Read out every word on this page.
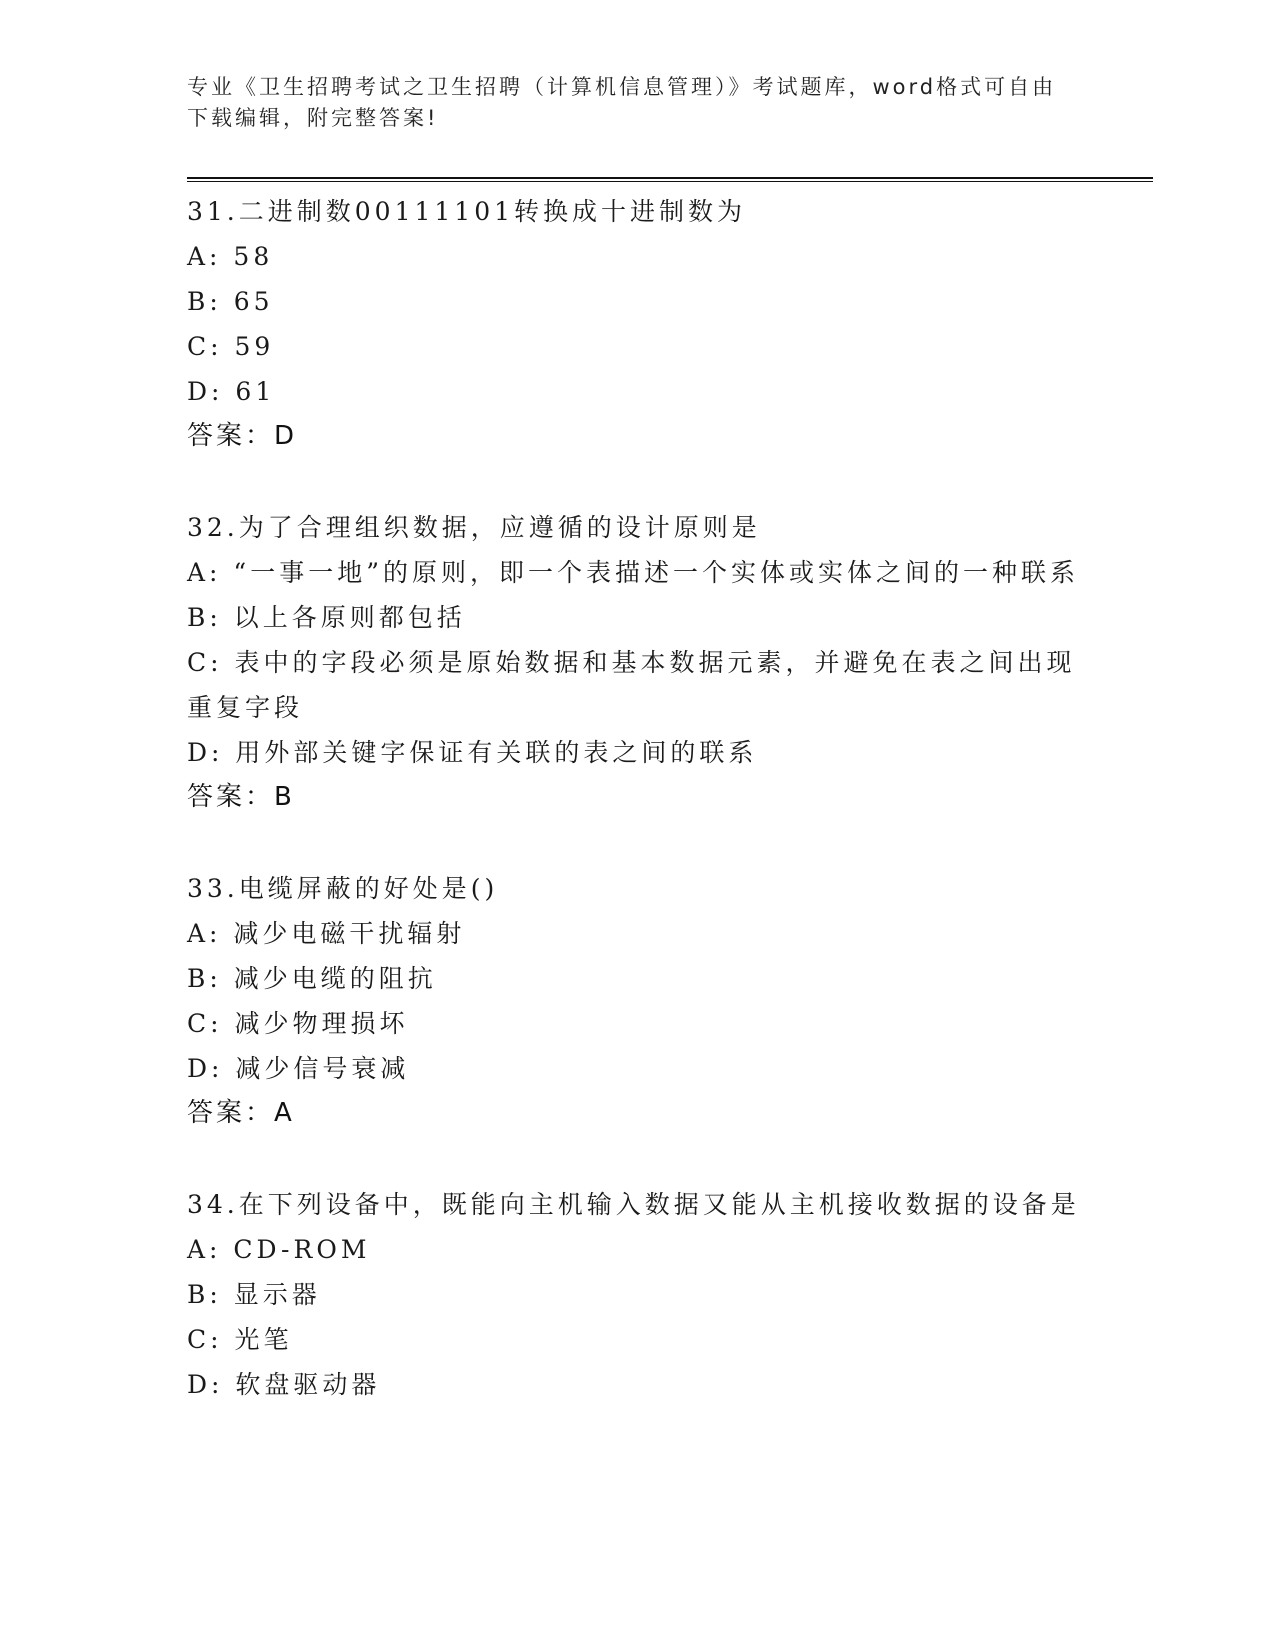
专业《卫生招聘考试之卫生招聘（计算机信息管理）》考试题库，word格式可自由下载编辑，附完整答案!
31.二进制数00111101转换成十进制数为
A: 58
B: 65
C: 59
D: 61
答案：D
32.为了合理组织数据，应遵循的设计原则是
A: “一事一地”的原则，即一个表描述一个实体或实体之间的一种联系
B: 以上各原则都包括
C: 表中的字段必须是原始数据和基本数据元素，并避免在表之间出现重复字段
D: 用外部关键字保证有关联的表之间的联系
答案：B
33.电缆屏蔽的好处是()
A: 减少电磁干扰辐射
B: 减少电缆的阻抗
C: 减少物理损坏
D: 减少信号衰减
答案：A
34.在下列设备中，既能向主机输入数据又能从主机接收数据的设备是
A: CD-ROM
B: 显示器
C: 光笔
D: 软盘驱动器
